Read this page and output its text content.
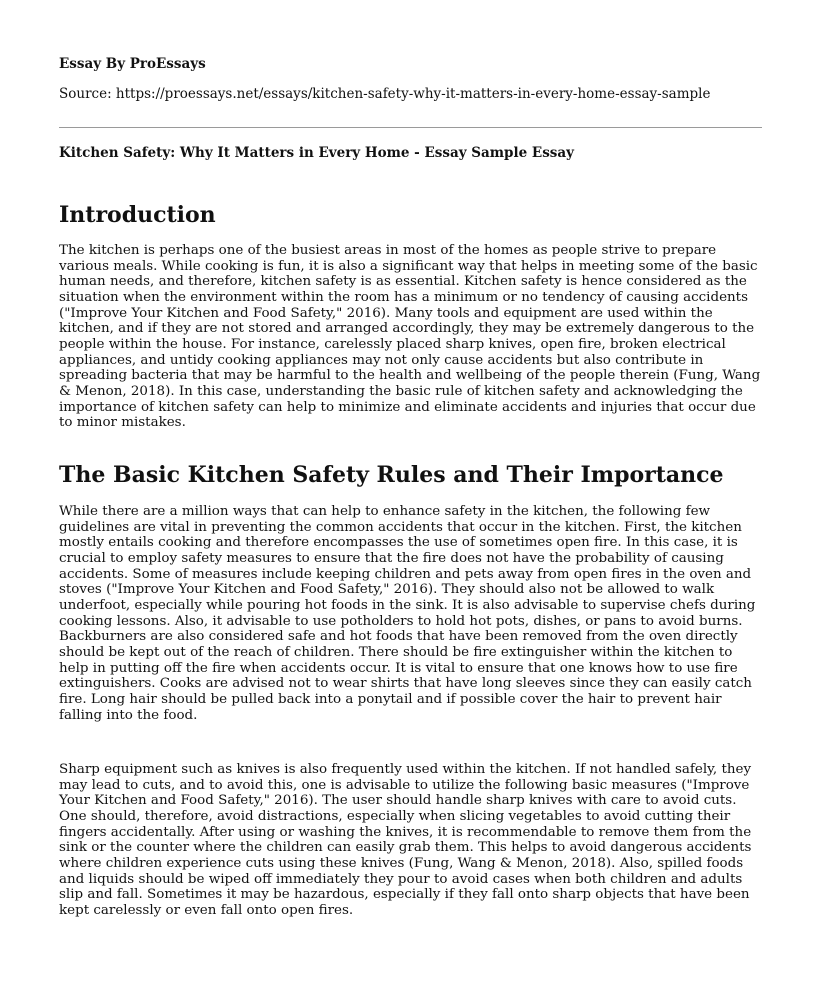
Essay By ProEssays
Source: https://proessays.net/essays/kitchen-safety-why-it-matters-in-every-home-essay-sample
Kitchen Safety: Why It Matters in Every Home - Essay Sample Essay
Introduction

The kitchen is perhaps one of the busiest areas in most of the homes as people strive to prepare various meals. While cooking is fun, it is also a significant way that helps in meeting some of the basic human needs, and therefore, kitchen safety is as essential. Kitchen safety is hence considered as the situation when the environment within the room has a minimum or no tendency of causing accidents ("Improve Your Kitchen and Food Safety," 2016). Many tools and equipment are used within the kitchen, and if they are not stored and arranged accordingly, they may be extremely dangerous to the people within the house. For instance, carelessly placed sharp knives, open fire, broken electrical appliances, and untidy cooking appliances may not only cause accidents but also contribute in spreading bacteria that may be harmful to the health and wellbeing of the people therein (Fung, Wang & Menon, 2018). In this case, understanding the basic rule of kitchen safety and acknowledging the importance of kitchen safety can help to minimize and eliminate accidents and injuries that occur due to minor mistakes.

The Basic Kitchen Safety Rules and Their Importance

While there are a million ways that can help to enhance safety in the kitchen, the following few guidelines are vital in preventing the common accidents that occur in the kitchen. First, the kitchen mostly entails cooking and therefore encompasses the use of sometimes open fire. In this case, it is crucial to employ safety measures to ensure that the fire does not have the probability of causing accidents. Some of measures include keeping children and pets away from open fires in the oven and stoves ("Improve Your Kitchen and Food Safety," 2016). They should also not be allowed to walk underfoot, especially while pouring hot foods in the sink. It is also advisable to supervise chefs during cooking lessons. Also, it advisable to use potholders to hold hot pots, dishes, or pans to avoid burns. Backburners are also considered safe and hot foods that have been removed from the oven directly should be kept out of the reach of children. There should be fire extinguisher within the kitchen to help in putting off the fire when accidents occur. It is vital to ensure that one knows how to use fire extinguishers. Cooks are advised not to wear shirts that have long sleeves since they can easily catch fire. Long hair should be pulled back into a ponytail and if possible cover the hair to prevent hair falling into the food.

Sharp equipment such as knives is also frequently used within the kitchen. If not handled safely, they may lead to cuts, and to avoid this, one is advisable to utilize the following basic measures ("Improve Your Kitchen and Food Safety," 2016). The user should handle sharp knives with care to avoid cuts. One should, therefore, avoid distractions, especially when slicing vegetables to avoid cutting their fingers accidentally. After using or washing the knives, it is recommendable to remove them from the sink or the counter where the children can easily grab them. This helps to avoid dangerous accidents where children experience cuts using these knives (Fung, Wang & Menon, 2018). Also, spilled foods and liquids should be wiped off immediately they pour to avoid cases when both children and adults slip and fall. Sometimes it may be hazardous, especially if they fall onto sharp objects that have been kept carelessly or even fall onto open fires.
